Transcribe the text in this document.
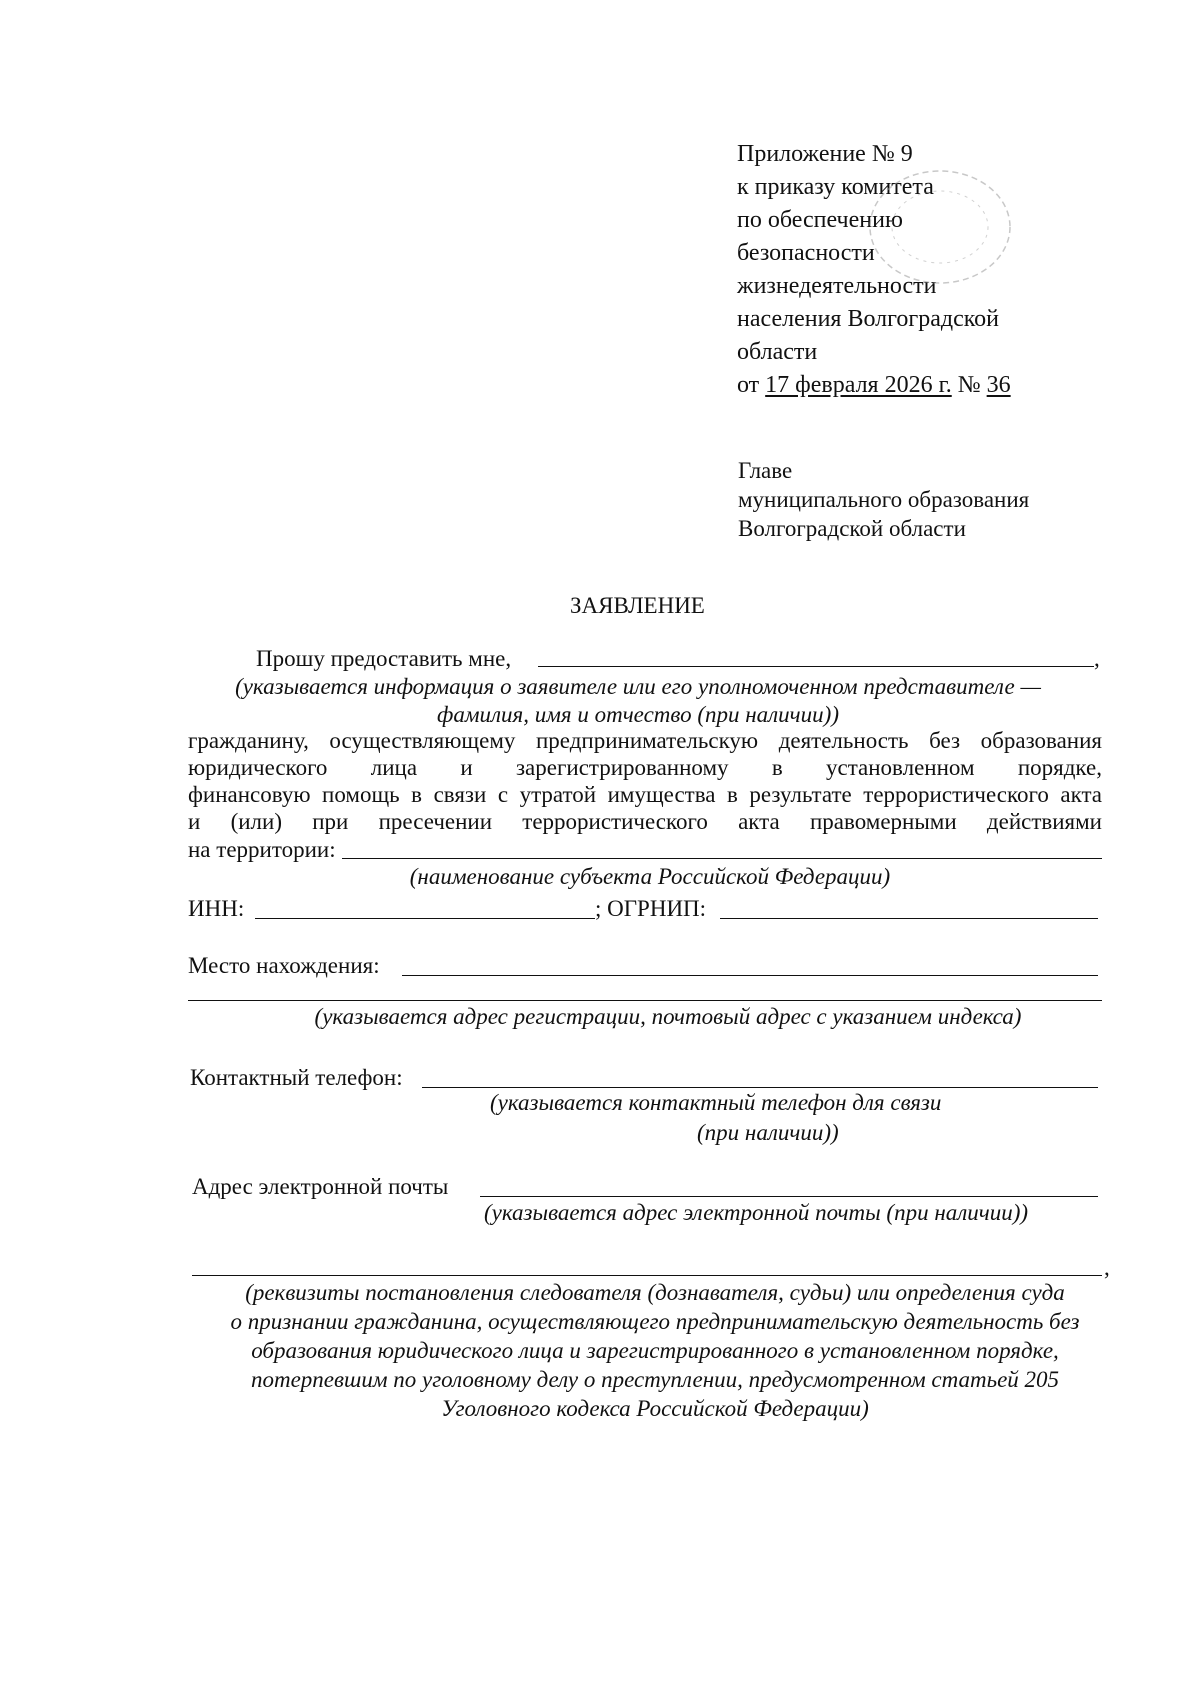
Приложение № 9
к приказу комитета
по обеспечению
безопасности
жизнедеятельности
населения Волгоградской
области
от 17 февраля 2026 г. № 36
Главе
муниципального образования
Волгоградской области
ЗАЯВЛЕНИЕ
Прошу предоставить мне,	,
(указывается информация о заявителе или его уполномоченном представителе —
фамилия, имя и отчество (при наличии))
гражданину, осуществляющему предпринимательскую деятельность без образования
юридического лица и зарегистрированному в установленном порядке,
финансовую помощь в связи с утратой имущества в результате террористического акта
и (или) при пресечении террористического акта правомерными действиями
на территории:
(наименование субъекта Российской Федерации)
ИНН:	; ОГРНИП:
Место нахождения:
(указывается адрес регистрации, почтовый адрес с указанием индекса)
Контактный телефон:
(указывается контактный телефон для связи
(при наличии))
Адрес электронной почты
(указывается адрес электронной почты (при наличии))
,
(реквизиты постановления следователя (дознавателя, судьи) или определения суда
о признании гражданина, осуществляющего предпринимательскую деятельность без
образования юридического лица и зарегистрированного в установленном порядке,
потерпевшим по уголовному делу о преступлении, предусмотренном статьей 205
Уголовного кодекса Российской Федерации)
